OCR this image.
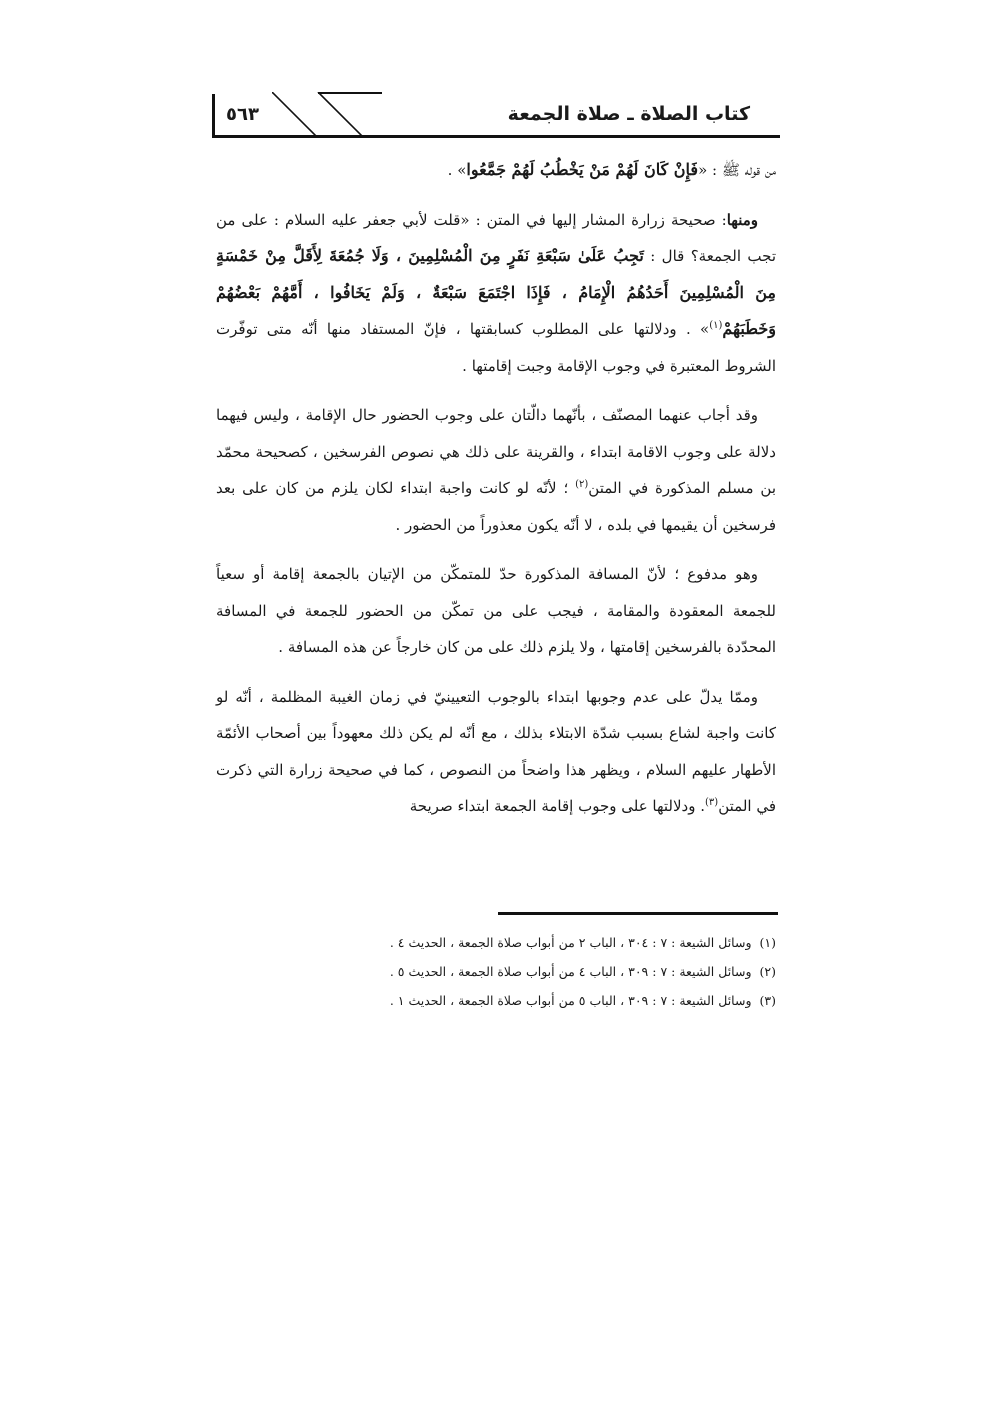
٥٦٣	كتاب الصلاة ـ صلاة الجمعة

من قوله ﷺ : «فَإِنْ كَانَ لَهُمْ مَنْ يَخْطُبُ لَهُمْ جَمَّعُوا» .

ومنها: صحيحة زرارة المشار إليها في المتن : «قلت لأبي جعفر عليه السلام : على من تجب الجمعة؟ قال : تَجِبُ عَلَىٰ سَبْعَةِ نَفَرٍ مِنَ الْمُسْلِمِينَ ، وَلَا جُمُعَةَ لِأَقَلَّ مِنْ خَمْسَةٍ مِنَ الْمُسْلِمِينَ أَحَدُهُمُ الْإِمَامُ ، فَإِذَا اجْتَمَعَ سَبْعَةٌ ، وَلَمْ يَخَافُوا ، أَمَّهُمْ بَعْضُهُمْ وَخَطَبَهُمْ$^{(١)}$» . ودلالتها على المطلوب كسابقتها ، فإنّ المستفاد منها أنّه متى توفّرت الشروط المعتبرة في وجوب الإقامة وجبت إقامتها .

وقد أجاب عنهما المصنّف ، بأنّهما دالّتان على وجوب الحضور حال الإقامة ، وليس فيهما دلالة على وجوب الاقامة ابتداء ، والقرينة على ذلك هي نصوص الفرسخين ، كصحيحة محمّد بن مسلم المذكورة في المتن$^{(٢)}$ ؛ لأنّه لو كانت واجبة ابتداء لكان يلزم من كان على بعد فرسخين أن يقيمها في بلده ، لا أنّه يكون معذوراً من الحضور .

وهو مدفوع ؛ لأنّ المسافة المذكورة حدّ للمتمكّن من الإتيان بالجمعة إقامة أو سعياً للجمعة المعقودة والمقامة ، فيجب على من تمكّن من الحضور للجمعة في المسافة المحدّدة بالفرسخين إقامتها ، ولا يلزم ذلك على من كان خارجاً عن هذه المسافة .

وممّا يدلّ على عدم وجوبها ابتداء بالوجوب التعيينيّ في زمان الغيبة المظلمة ، أنّه لو كانت واجبة لشاع بسبب شدّة الابتلاء بذلك ، مع أنّه لم يكن ذلك معهوداً بين أصحاب الأئمّة الأطهار عليهم السلام ، ويظهر هذا واضحاً من النصوص ، كما في صحيحة زرارة التي ذكرت في المتن$^{(٣)}$. ودلالتها على وجوب إقامة الجمعة ابتداء صريحة

(١)وسائل الشيعة : ٧ : ٣٠٤ ، الباب ٢ من أبواب صلاة الجمعة ، الحديث ٤ .
(٢)وسائل الشيعة : ٧ : ٣٠٩ ، الباب ٤ من أبواب صلاة الجمعة ، الحديث ٥ .
(٣)وسائل الشيعة : ٧ : ٣٠٩ ، الباب ٥ من أبواب صلاة الجمعة ، الحديث ١ .
